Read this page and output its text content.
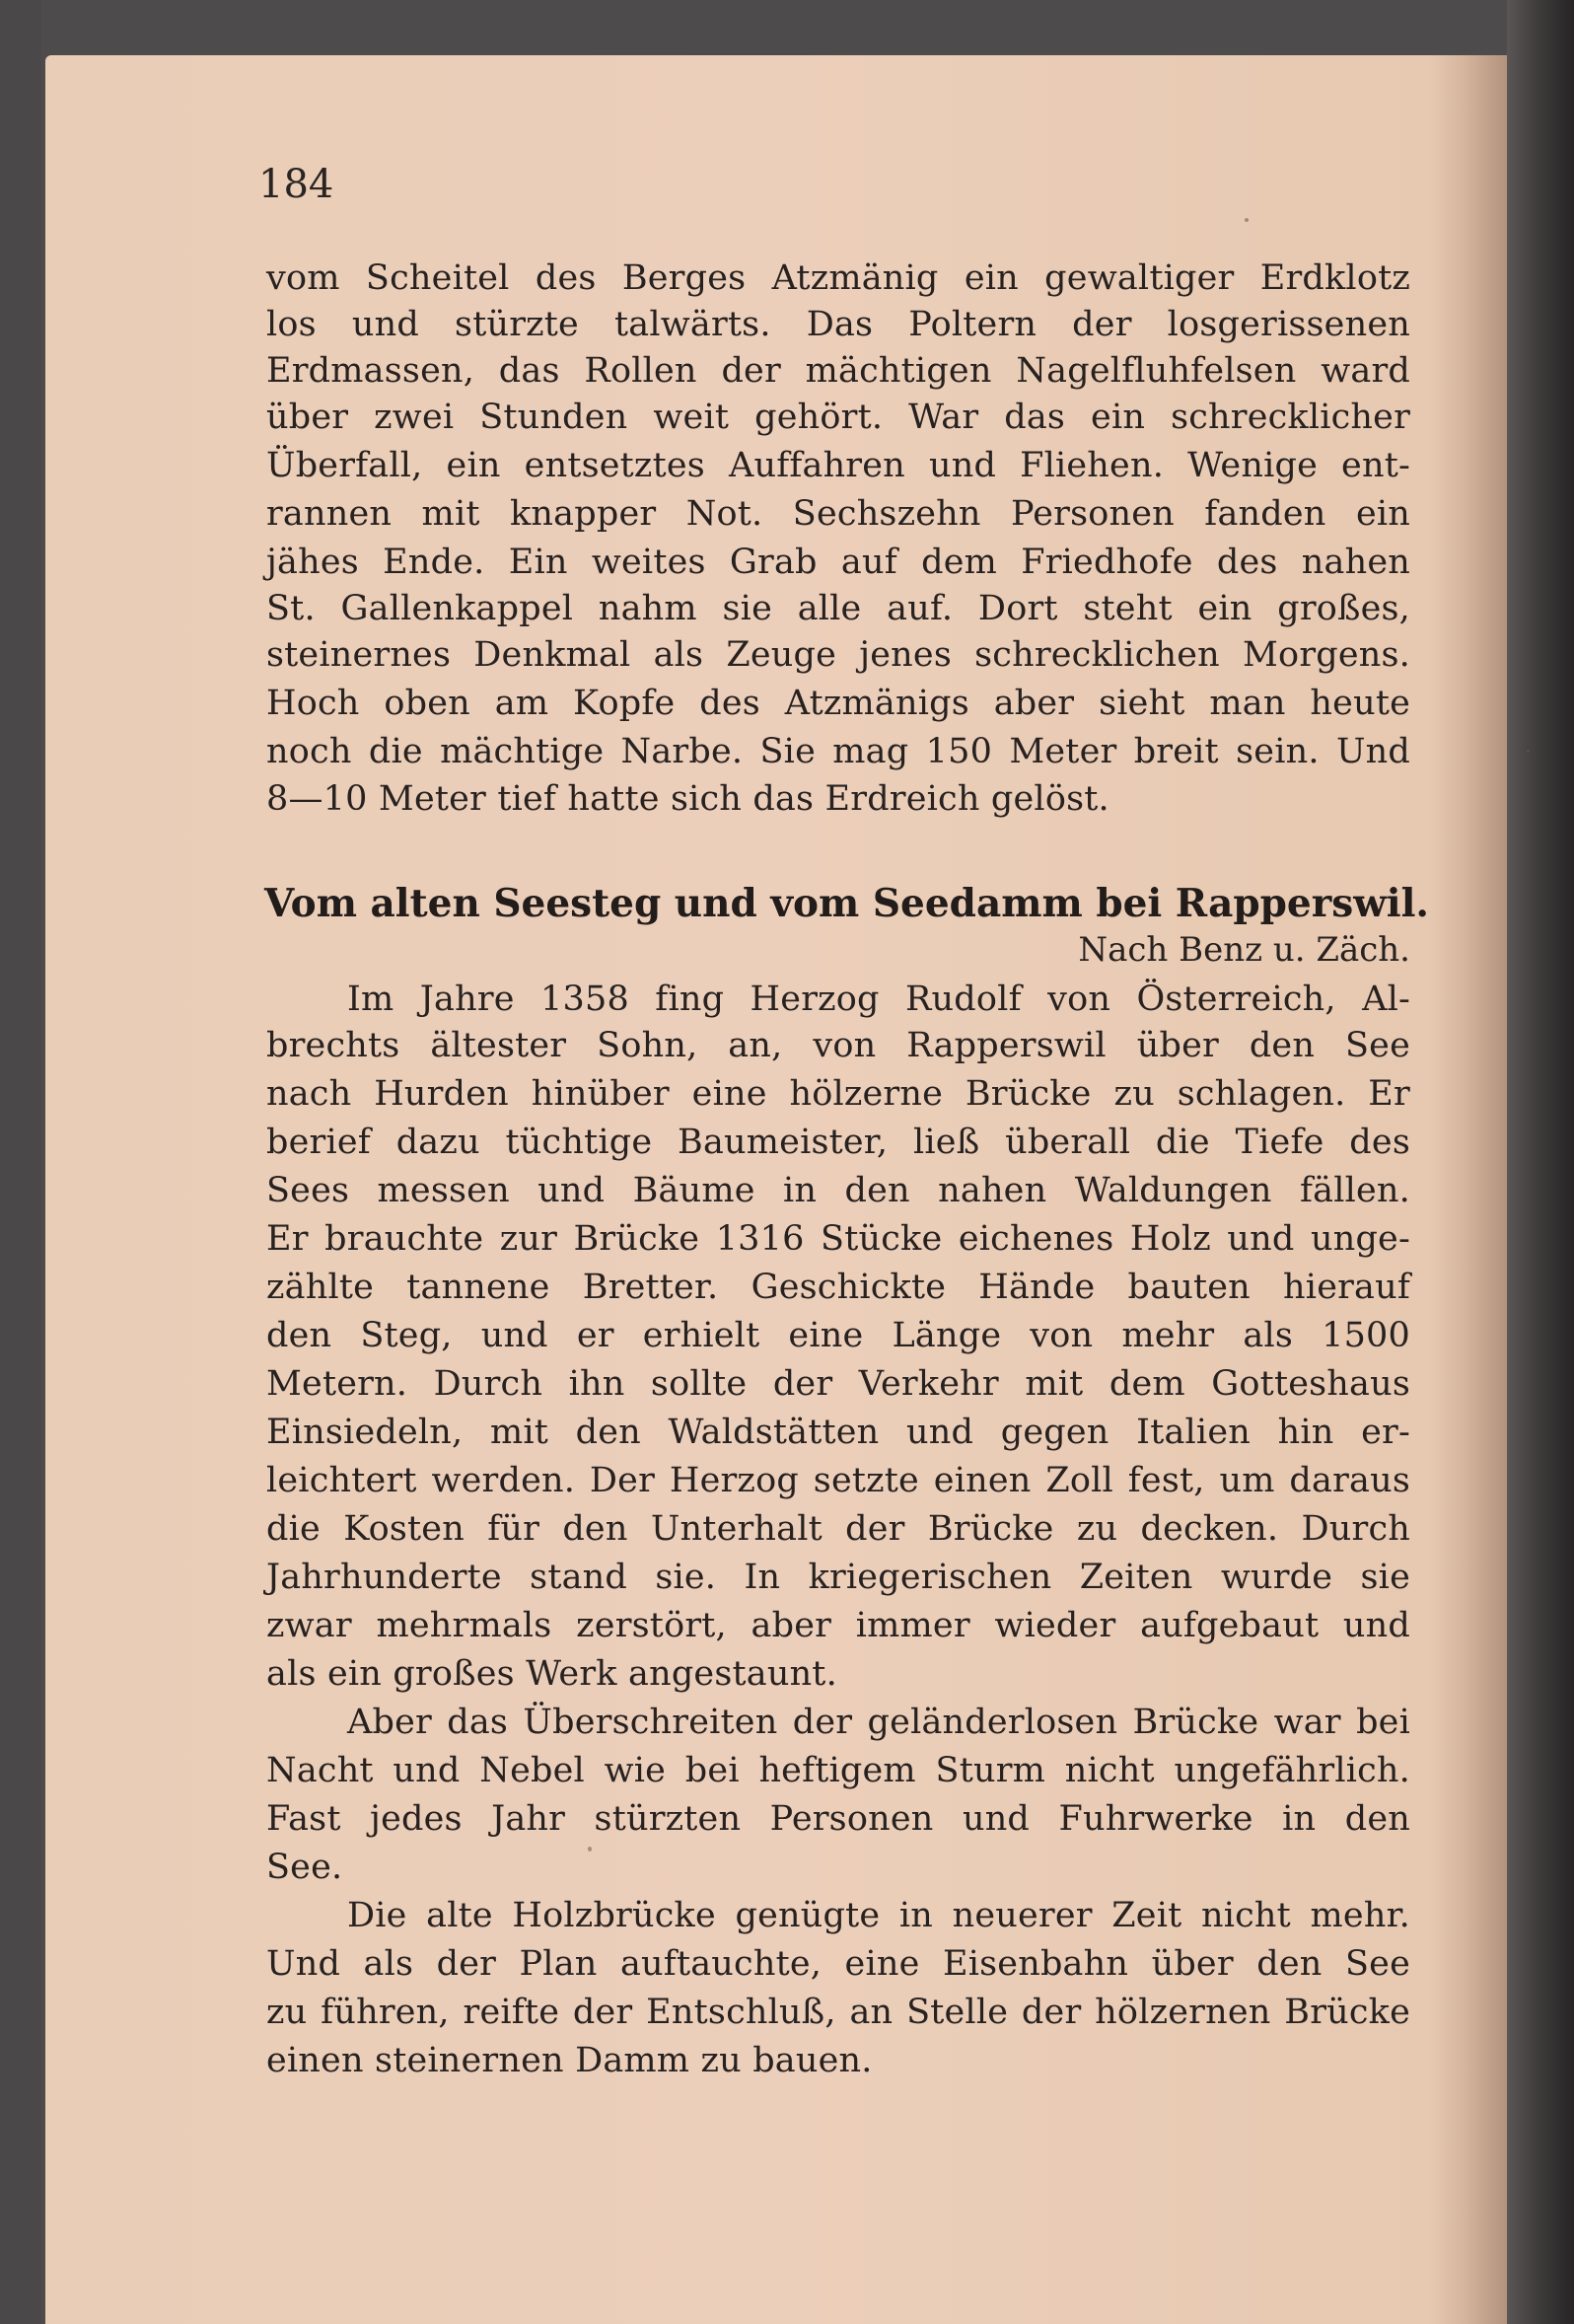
184
vom Scheitel des Berges Atzmänig ein gewaltiger Erdklotz
los und stürzte talwärts. Das Poltern der losgerissenen
Erdmassen, das Rollen der mächtigen Nagelfluhfelsen ward
über zwei Stunden weit gehört. War das ein schrecklicher
Überfall, ein entsetztes Auffahren und Fliehen. Wenige ent-
rannen mit knapper Not. Sechszehn Personen fanden ein
jähes Ende. Ein weites Grab auf dem Friedhofe des nahen
St. Gallenkappel nahm sie alle auf. Dort steht ein großes,
steinernes Denkmal als Zeuge jenes schrecklichen Morgens.
Hoch oben am Kopfe des Atzmänigs aber sieht man heute
noch die mächtige Narbe. Sie mag 150 Meter breit sein. Und
8—10 Meter tief hatte sich das Erdreich gelöst.
Vom alten Seesteg und vom Seedamm bei Rapperswil.
Nach Benz u. Zäch.
Im Jahre 1358 fing Herzog Rudolf von Österreich, Al-
brechts ältester Sohn, an, von Rapperswil über den See
nach Hurden hinüber eine hölzerne Brücke zu schlagen. Er
berief dazu tüchtige Baumeister, ließ überall die Tiefe des
Sees messen und Bäume in den nahen Waldungen fällen.
Er brauchte zur Brücke 1316 Stücke eichenes Holz und unge-
zählte tannene Bretter. Geschickte Hände bauten hierauf
den Steg, und er erhielt eine Länge von mehr als 1500
Metern. Durch ihn sollte der Verkehr mit dem Gotteshaus
Einsiedeln, mit den Waldstätten und gegen Italien hin er-
leichtert werden. Der Herzog setzte einen Zoll fest, um daraus
die Kosten für den Unterhalt der Brücke zu decken. Durch
Jahrhunderte stand sie. In kriegerischen Zeiten wurde sie
zwar mehrmals zerstört, aber immer wieder aufgebaut und
als ein großes Werk angestaunt.
Aber das Überschreiten der geländerlosen Brücke war bei
Nacht und Nebel wie bei heftigem Sturm nicht ungefährlich.
Fast jedes Jahr stürzten Personen und Fuhrwerke in den
See.
Die alte Holzbrücke genügte in neuerer Zeit nicht mehr.
Und als der Plan auftauchte, eine Eisenbahn über den See
zu führen, reifte der Entschluß, an Stelle der hölzernen Brücke
einen steinernen Damm zu bauen.
